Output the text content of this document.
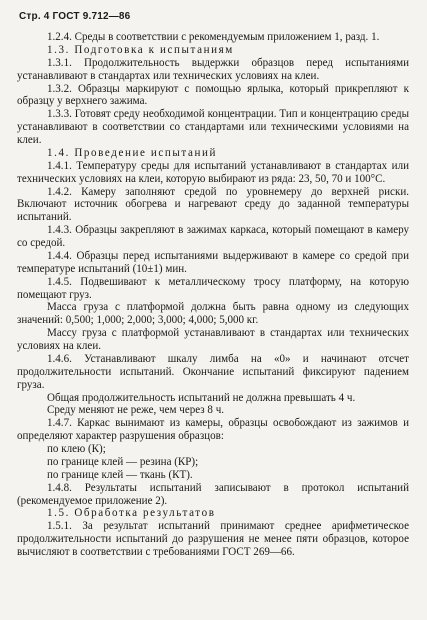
Стр. 4 ГОСТ 9.712—86

1.2.4. Среды в соответствии с рекомендуемым приложением 1, разд. 1.

1.3. Подготовка к испытаниям

1.3.1. Продолжительность выдержки образцов перед испытаниями устанавливают в стандартах или технических условиях на клеи.

1.3.2. Образцы маркируют с помощью ярлыка, который прикрепляют к образцу у верхнего зажима.

1.3.3. Готовят среду необходимой концентрации. Тип и концентрацию среды устанавливают в соответствии со стандартами или техническими условиями на клеи.

1.4. Проведение испытаний

1.4.1. Температуру среды для испытаний устанавливают в стандартах или технических условиях на клеи, которую выбирают из ряда: 23, 50, 70 и 100°С.

1.4.2. Камеру заполняют средой по уровнемеру до верхней риски. Включают источник обогрева и нагревают среду до заданной температуры испытаний.

1.4.3. Образцы закрепляют в зажимах каркаса, который помещают в камеру со средой.

1.4.4. Образцы перед испытаниями выдерживают в камере со средой при температуре испытаний (10±1) мин.

1.4.5. Подвешивают к металлическому тросу платформу, на которую помещают груз.

Масса груза с платформой должна быть равна одному из следующих значений: 0,500; 1,000; 2,000; 3,000; 4,000; 5,000 кг.

Массу груза с платформой устанавливают в стандартах или технических условиях на клеи.

1.4.6. Устанавливают шкалу лимба на «0» и начинают отсчет продолжительности испытаний. Окончание испытаний фиксируют падением груза.

Общая продолжительность испытаний не должна превышать 4 ч.

Среду меняют не реже, чем через 8 ч.

1.4.7. Каркас вынимают из камеры, образцы освобождают из зажимов и определяют характер разрушения образцов:

по клею (К);

по границе клей — резина (КР);

по границе клей — ткань (КТ).

1.4.8. Результаты испытаний записывают в протокол испытаний (рекомендуемое приложение 2).

1.5. Обработка результатов

1.5.1. За результат испытаний принимают среднее арифметическое продолжительности испытаний до разрушения не менее пяти образцов, которое вычисляют в соответствии с требованиями ГОСТ 269—66.
